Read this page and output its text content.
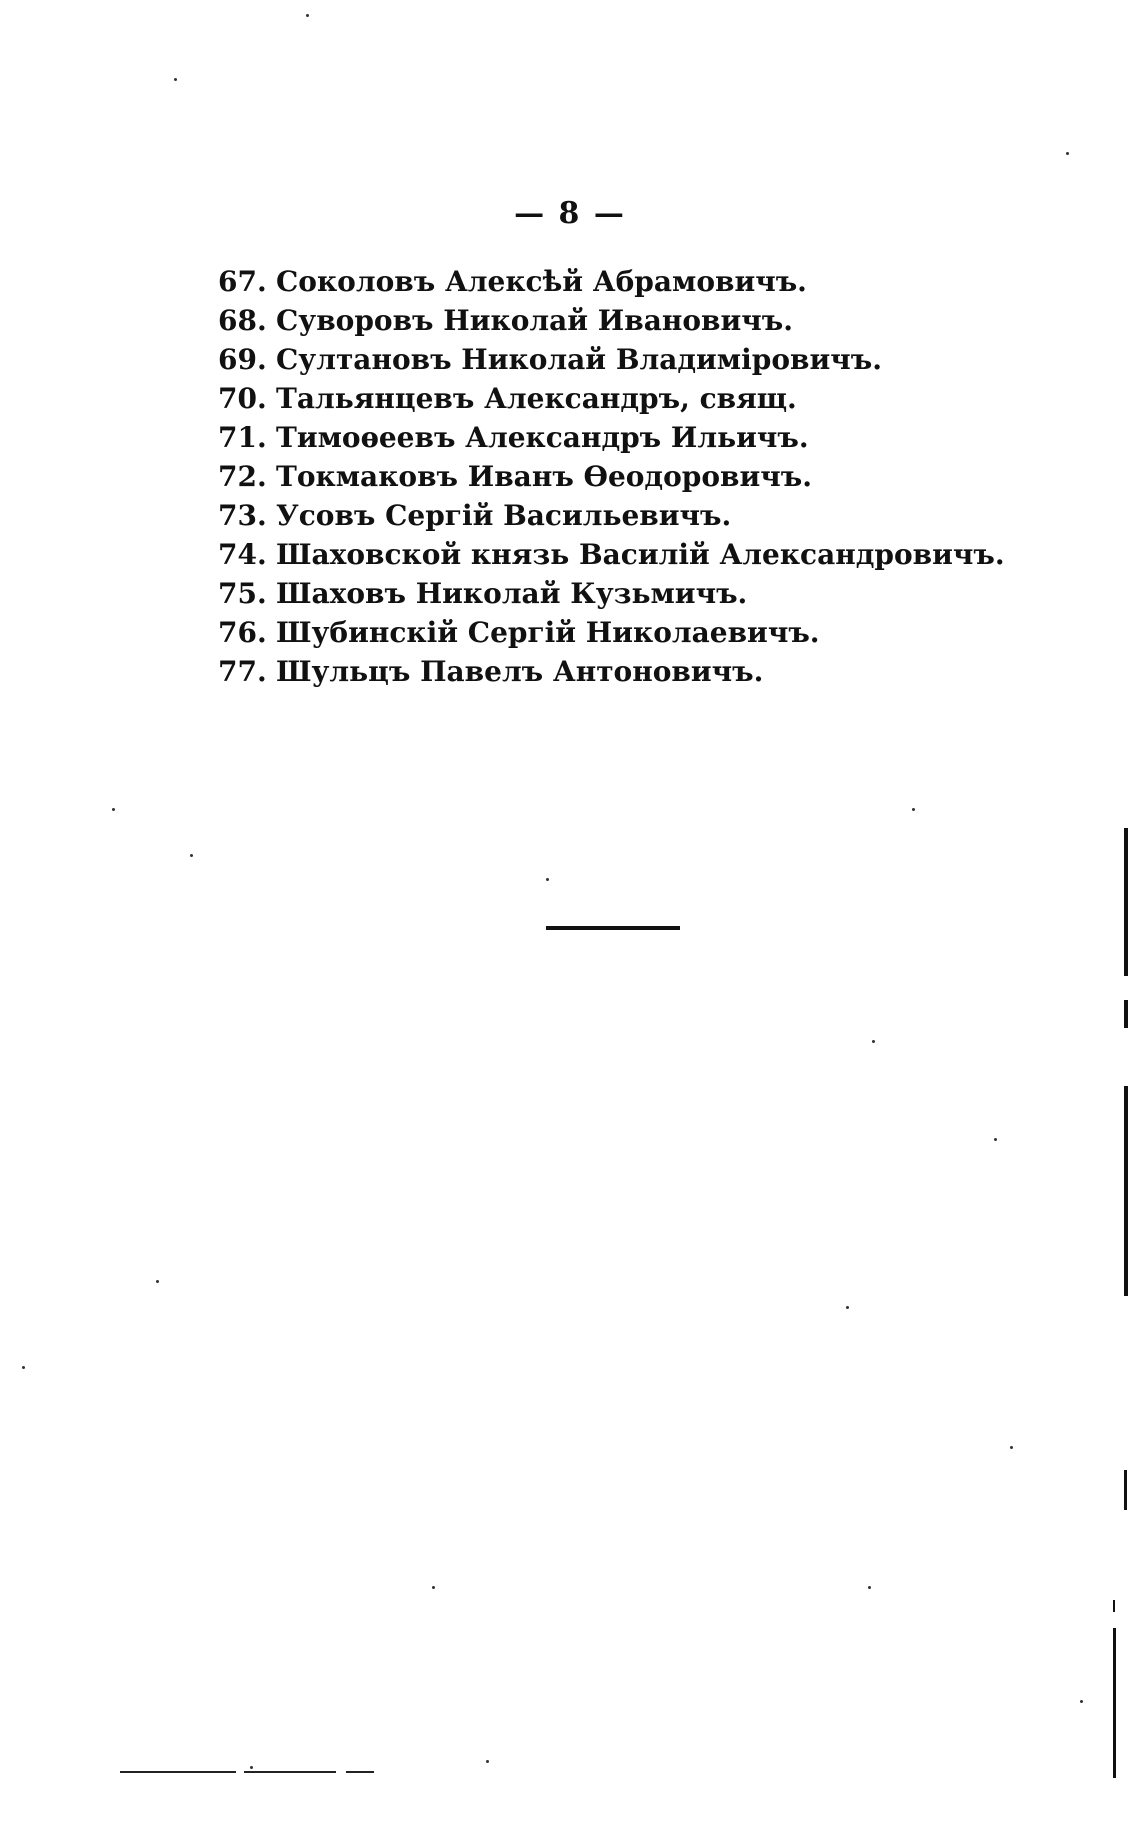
— 8 —
67. Соколовъ Алексѣй Абрамовичъ.
68. Суворовъ Николай Ивановичъ.
69. Султановъ Николай Владиміровичъ.
70. Тальянцевъ Александръ, свящ.
71. Тимоѳеевъ Александръ Ильичъ.
72. Токмаковъ Иванъ Ѳеодоровичъ.
73. Усовъ Сергій Васильевичъ.
74. Шаховской князь Василій Александровичъ.
75. Шаховъ Николай Кузьмичъ.
76. Шубинскій Сергій Николаевичъ.
77. Шульцъ Павелъ Антоновичъ.
